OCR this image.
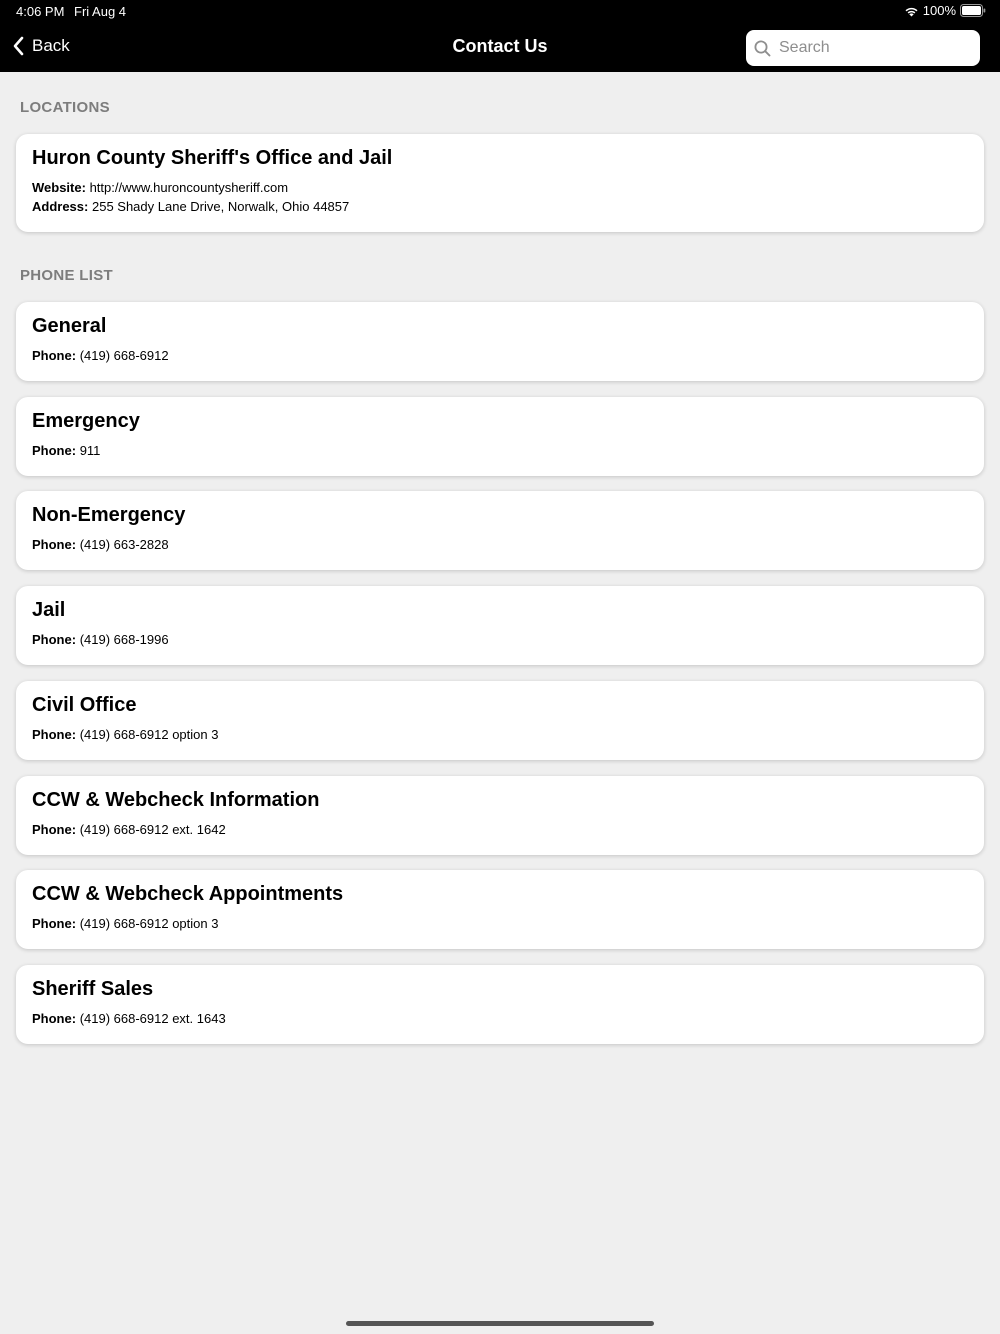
4:06 PM Fri Aug 4	100%
Back	Contact Us
Search
LOCATIONS
Huron County Sheriff's Office and Jail
Website: http://www.huroncountysheriff.com
Address: 255 Shady Lane Drive, Norwalk, Ohio 44857
PHONE LIST
General
Phone: (419) 668-6912
Emergency
Phone: 911
Non-Emergency
Phone: (419) 663-2828
Jail
Phone: (419) 668-1996
Civil Office
Phone: (419) 668-6912 option 3
CCW & Webcheck Information
Phone: (419) 668-6912 ext. 1642
CCW & Webcheck Appointments
Phone: (419) 668-6912 option 3
Sheriff Sales
Phone: (419) 668-6912 ext. 1643
